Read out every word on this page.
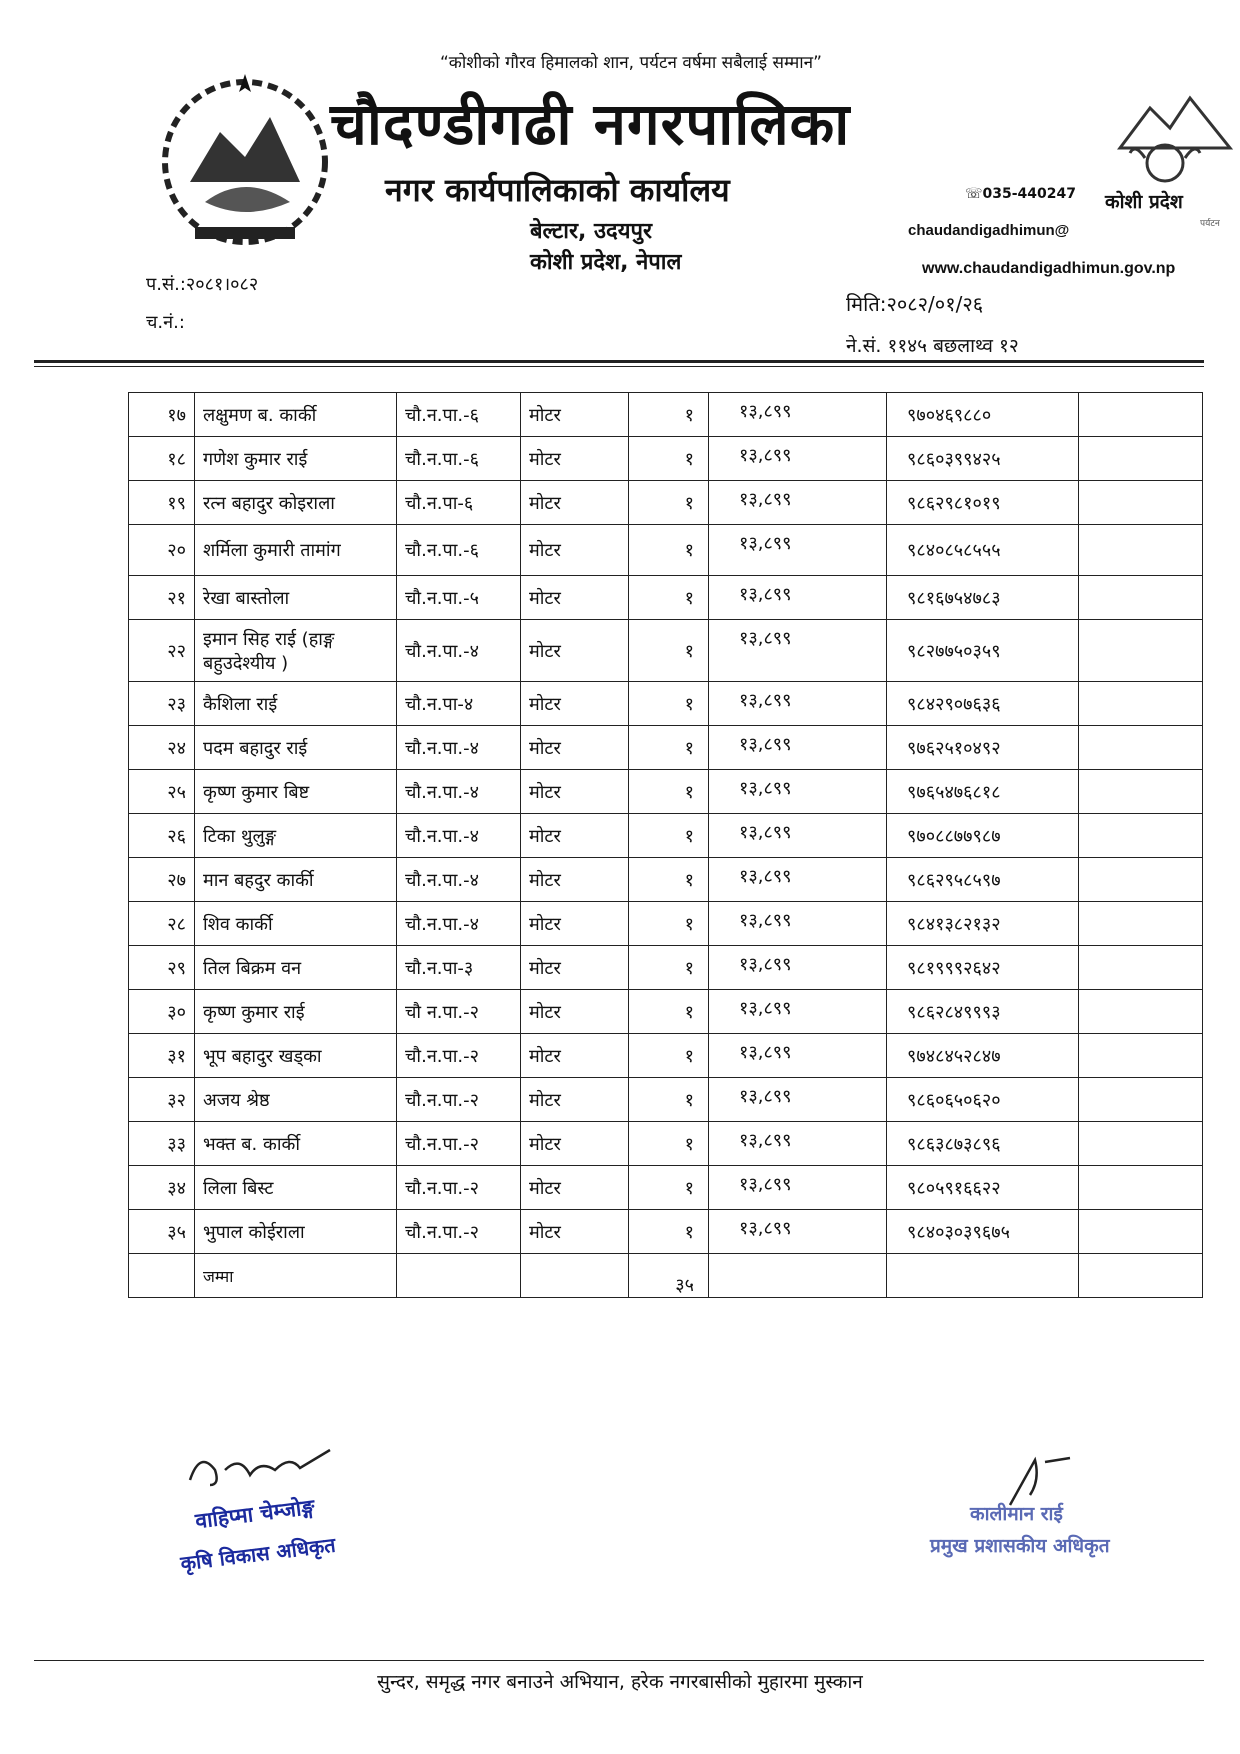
“कोशीको गौरव हिमालको शान, पर्यटन वर्षमा सबैलाई सम्मान”
चौदण्डीगढी नगरपालिका
नगर कार्यपालिकाको कार्यालय
बेल्टार, उदयपुर
कोशी प्रदेश, नेपाल
☏035-440247
chaudandigadhimun@
www.chaudandigadhimun.gov.np
कोशी प्रदेश
पर्यटन
प.सं.:२०८१।०८२
च.नं.:
मिति:२०८२/०१/२६
ने.सं. ११४५ बछलाथ्व १२
१७	लक्षुमण ब. कार्की	चौ.न.पा.-६	मोटर	१	१३,८९९	९७०४६९८८०	
१८	गणेश कुमार राई	चौ.न.पा.-६	मोटर	१	१३,८९९	९८६०३९९४२५	
१९	रत्न बहादुर कोइराला	चौ.न.पा-६	मोटर	१	१३,८९९	९८६२९८१०१९	
२०	शर्मिला कुमारी तामांग	चौ.न.पा.-६	मोटर	१	१३,८९९	९८४०८५८५५५	
२१	रेखा बास्तोला	चौ.न.पा.-५	मोटर	१	१३,८९९	९८१६७५४७८३	
२२	इमान सिह राई (हाङ्ग बहुउदेश्यीय )	चौ.न.पा.-४	मोटर	१	१३,८९९	९८२७७५०३५९	
२३	कैशिला राई	चौ.न.पा-४	मोटर	१	१३,८९९	९८४२९०७६३६	
२४	पदम बहादुर राई	चौ.न.पा.-४	मोटर	१	१३,८९९	९७६२५१०४९२	
२५	कृष्ण कुमार बिष्ट	चौ.न.पा.-४	मोटर	१	१३,८९९	९७६५४७६८१८	
२६	टिका थुलुङ्ग	चौ.न.पा.-४	मोटर	१	१३,८९९	९७०८८७७९८७	
२७	मान बहदुर कार्की	चौ.न.पा.-४	मोटर	१	१३,८९९	९८६२९५८५९७	
२८	शिव कार्की	चौ.न.पा.-४	मोटर	१	१३,८९९	९८४१३८२१३२	
२९	तिल बिक्रम वन	चौ.न.पा-३	मोटर	१	१३,८९९	९८१९९९२६४२	
३०	कृष्ण कुमार राई	चौ न.पा.-२	मोटर	१	१३,८९९	९८६२८४९९९३	
३१	भूप बहादुर खड्का	चौ.न.पा.-२	मोटर	१	१३,८९९	९७४८४५२८४७	
३२	अजय श्रेष्ठ	चौ.न.पा.-२	मोटर	१	१३,८९९	९८६०६५०६२०	
३३	भक्त ब. कार्की	चौ.न.पा.-२	मोटर	१	१३,८९९	९८६३८७३८९६	
३४	लिला बिस्ट	चौ.न.पा.-२	मोटर	१	१३,८९९	९८०५९१६६२२	
३५	भुपाल कोईराला	चौ.न.पा.-२	मोटर	१	१३,८९९	९८४०३०३९६७५	
	जम्मा			३५			
वाहिप्मा चेम्जोङ्ग
कृषि विकास अधिकृत
कालीमान राई
प्रमुख प्रशासकीय अधिकृत
सुन्दर, समृद्ध नगर बनाउने अभियान, हरेक नगरबासीको मुहारमा मुस्कान
